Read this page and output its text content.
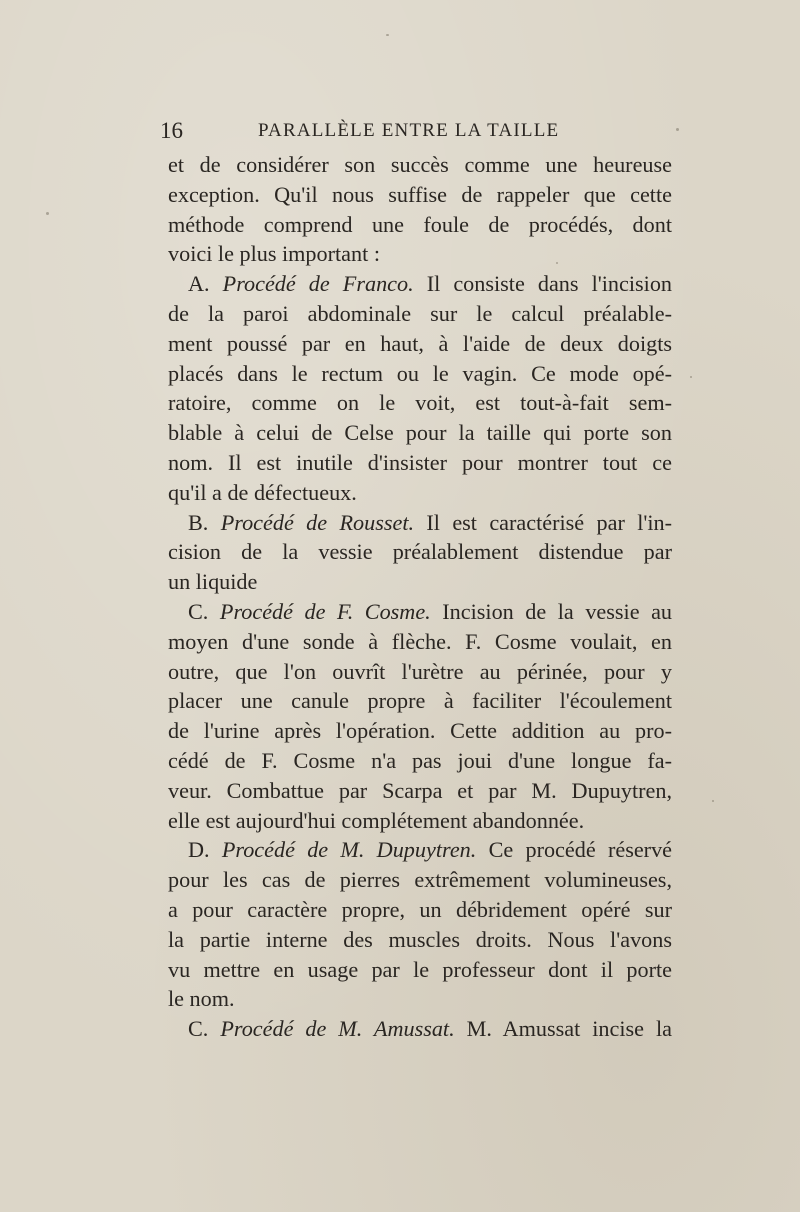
16	PARALLÈLE ENTRE LA TAILLE
et de considérer son succès comme une heureuse
exception. Qu'il nous suffise de rappeler que cette
méthode comprend une foule de procédés, dont
voici le plus important :
A. Procédé de Franco. Il consiste dans l'incision
de la paroi abdominale sur le calcul préalable-
ment poussé par en haut, à l'aide de deux doigts
placés dans le rectum ou le vagin. Ce mode opé-
ratoire, comme on le voit, est tout-à-fait sem-
blable à celui de Celse pour la taille qui porte son
nom. Il est inutile d'insister pour montrer tout ce
qu'il a de défectueux.
B. Procédé de Rousset. Il est caractérisé par l'in-
cision de la vessie préalablement distendue par
un liquide
C. Procédé de F. Cosme. Incision de la vessie au
moyen d'une sonde à flèche. F. Cosme voulait, en
outre, que l'on ouvrît l'urètre au périnée, pour y
placer une canule propre à faciliter l'écoulement
de l'urine après l'opération. Cette addition au pro-
cédé de F. Cosme n'a pas joui d'une longue fa-
veur. Combattue par Scarpa et par M. Dupuytren,
elle est aujourd'hui complétement abandonnée.
D. Procédé de M. Dupuytren. Ce procédé réservé
pour les cas de pierres extrêmement volumineuses,
a pour caractère propre, un débridement opéré sur
la partie interne des muscles droits. Nous l'avons
vu mettre en usage par le professeur dont il porte
le nom.
C. Procédé de M. Amussat. M. Amussat incise la
